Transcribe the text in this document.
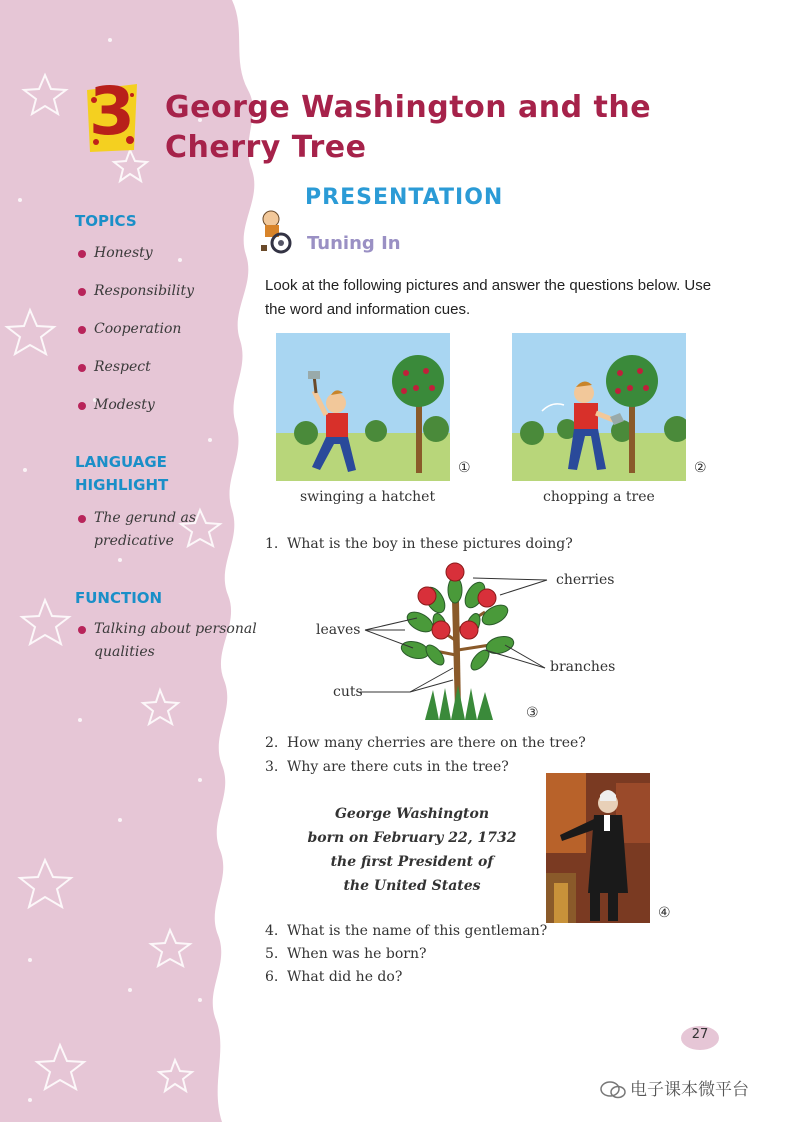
3 George Washington and the
Cherry Tree
TOPICS
Honesty
Responsibility
Cooperation
Respect
Modesty
LANGUAGE
HIGHLIGHT
The gerund as
predicative
FUNCTION
Talking about personal
qualities
PRESENTATION
Tuning In
Look at the following pictures and answer the questions below. Use the word and information cues.
①
swinging a hatchet
②
chopping a tree
1. What is the boy in these pictures doing?
cherries
leaves
branches
cuts
③
2. How many cherries are there on the tree?
3. Why are there cuts in the tree?
George Washington
born on February 22, 1732
the first President of
the United States
④
4. What is the name of this gentleman?
5. When was he born?
6. What did he do?
27
电子课本微平台
